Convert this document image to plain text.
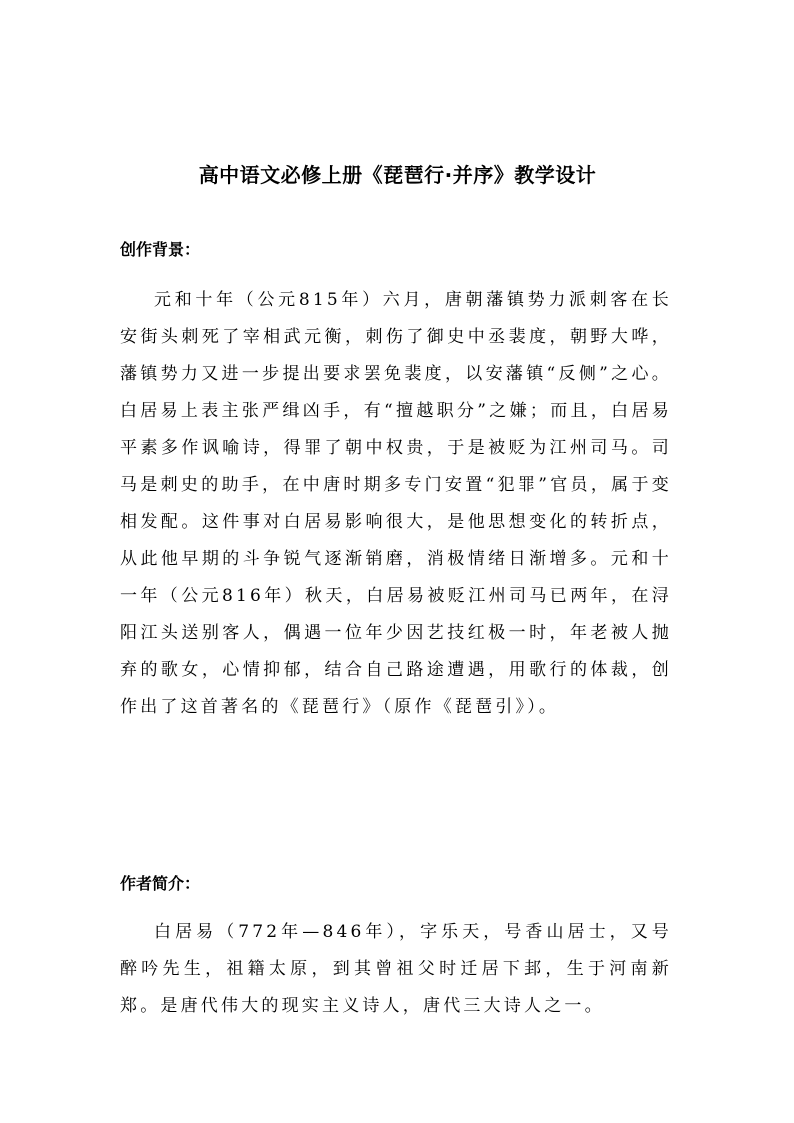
高中语文必修上册《琵琶行·并序》教学设计
创作背景：

元和十年（公元815年）六月，唐朝藩镇势力派刺客在长安街头刺死了宰相武元衡，刺伤了御史中丞裴度，朝野大哗，藩镇势力又进一步提出要求罢免裴度，以安藩镇“反侧”之心。白居易上表主张严缉凶手，有“擅越职分”之嫌；而且，白居易平素多作讽喻诗，得罪了朝中权贵，于是被贬为江州司马。司马是刺史的助手，在中唐时期多专门安置“犯罪”官员，属于变相发配。这件事对白居易影响很大，是他思想变化的转折点，从此他早期的斗争锐气逐渐销磨，消极情绪日渐增多。元和十一年（公元816年）秋天，白居易被贬江州司马已两年，在浔阳江头送别客人，偶遇一位年少因艺技红极一时，年老被人抛弃的歌女，心情抑郁，结合自己路途遭遇，用歌行的体裁，创作出了这首著名的《琵琶行》（原作《琵琶引》）。

作者简介：

白居易（772年—846年），字乐天，号香山居士，又号醉吟先生，祖籍太原，到其曾祖父时迁居下邽，生于河南新郑。是唐代伟大的现实主义诗人，唐代三大诗人之一。
